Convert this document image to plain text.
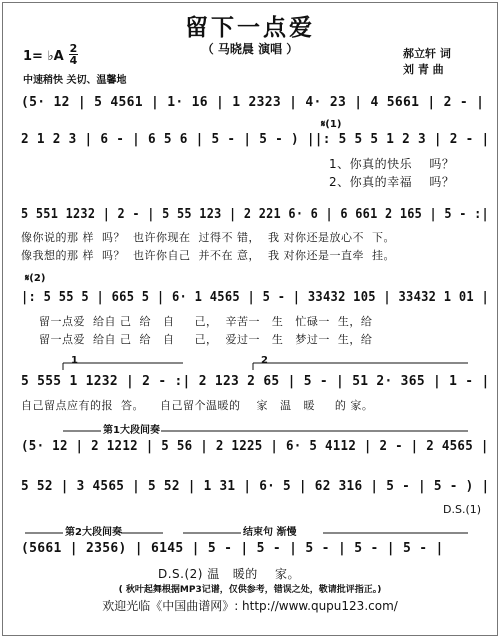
留下一点爱
（ 马晓晨 演唱 ）
1= ♭A
2
4
中速稍快 关切、温馨地
郝立轩 词
刘 青 曲
(5· 12 | 5 4561 | 1· 16 | 1 2323 | 4· 23 | 4 5661 | 2 - |
𝄋(1)
2 1 2 3 | 6 - | 6 5 6 | 5 - | 5 - ) ||: 5 5 5 1 2 3 | 2 - |
1、你真的快乐    吗？
2、你真的幸福    吗？
5 551 1232 | 2 - | 5 55 123 | 2 221 6· 6 | 6 661 2 165 | 5 - :|
像你说的那 样  吗？  也许你现在  过得不 错，  我 对你还是放心不  下。
像我想的那 样  吗？  也许你自己  并不在 意，  我 对你还是一直牵  挂。
𝄋(2)
|: 5 55 5 | 665 5 | 6· 1 4565 | 5 - | 33432 105 | 33432 1 01 |
留一点爱  给自 己  给   自     己，  辛苦一   生   忙碌一  生，给
留一点爱  给自 己  给   自     己，  爱过一   生   梦过一  生，给
1	2
5 555 1 1232 | 2 - :| 2 123 2 65 | 5 - | 51 2· 365 | 1 - |
自己留点应有的报  答。    自己留个温暖的    家   温   暖     的 家。
第1大段间奏
(5· 12 | 2 1212 | 5 56 | 2 1225 | 6· 5 4112 | 2 - | 2 4565 |
5 52 | 3 4565 | 5 52 | 1 31 | 6· 5 | 62 316 | 5 - | 5 - ) |
D.S.(1)
第2大段间奏	结束句 渐慢
(5661 | 2356) | 6145 | 5 - | 5 - | 5 - | 5 - | 5 - |
D.S.(2) 温   暖的    家。
( 秋叶起舞根据MP3记谱，仅供参考，错误之处，敬请批评指正。)
欢迎光临《中国曲谱网》: http://www.qupu123.com/
